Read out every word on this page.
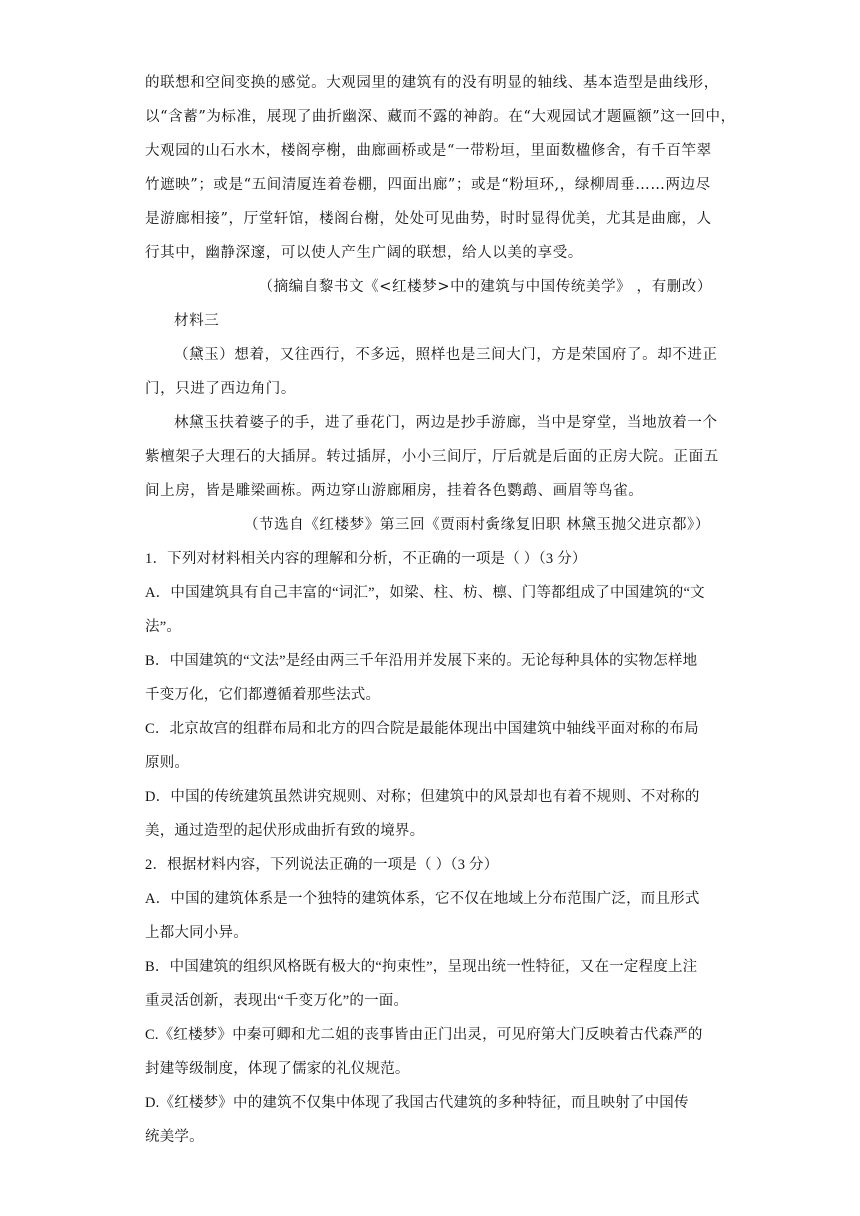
的联想和空间变换的感觉。大观园里的建筑有的没有明显的轴线、基本造型是曲线形，
以“含蓄”为标准，展现了曲折幽深、藏而不露的神韵。在“大观园试才题匾额”这一回中，
大观园的山石水木，楼阁亭榭，曲廊画桥或是“一带粉垣，里面数楹修舍，有千百竿翠
竹遮映”；或是“五间清厦连着卷棚，四面出廊”；或是“粉垣环,，绿柳周垂……两边尽
是游廊相接”，厅堂轩馆，楼阁台榭，处处可见曲势，时时显得优美，尤其是曲廊，人
行其中，幽静深邃，可以使人产生广阔的联想，给人以美的享受。
（摘编自黎书文《<红楼梦>中的建筑与中国传统美学》 ，有删改）
材料三
（黛玉）想着，又往西行，不多远，照样也是三间大门，方是荣国府了。却不进正
门，只进了西边角门。
林黛玉扶着婆子的手，进了垂花门，两边是抄手游廊，当中是穿堂，当地放着一个
紫檀架子大理石的大插屏。转过插屏，小小三间厅，厅后就是后面的正房大院。正面五
间上房，皆是雕梁画栋。两边穿山游廊厢房，挂着各色鹦鹉、画眉等鸟雀。
（节选自《红楼梦》第三回《贾雨村夤缘复旧职 林黛玉抛父进京都》）
1．下列对材料相关内容的理解和分析，不正确的一项是（ ）（3 分）
A．中国建筑具有自己丰富的“词汇”，如梁、柱、枋、檩、门等都组成了中国建筑的“文
法”。
B．中国建筑的“文法”是经由两三千年沿用并发展下来的。无论每种具体的实物怎样地
千变万化，它们都遵循着那些法式。
C．北京故宫的组群布局和北方的四合院是最能体现出中国建筑中轴线平面对称的布局
原则。
D．中国的传统建筑虽然讲究规则、对称；但建筑中的风景却也有着不规则、不对称的
美，通过造型的起伏形成曲折有致的境界。
2．根据材料内容，下列说法正确的一项是（ ）（3 分）
A．中国的建筑体系是一个独特的建筑体系，它不仅在地域上分布范围广泛，而且形式
上都大同小异。
B．中国建筑的组织风格既有极大的“拘束性”，呈现出统一性特征，又在一定程度上注
重灵活创新，表现出“千变万化”的一面。
C.《红楼梦》中秦可卿和尤二姐的丧事皆由正门出灵，可见府第大门反映着古代森严的
封建等级制度，体现了儒家的礼仪规范。
D.《红楼梦》中的建筑不仅集中体现了我国古代建筑的多种特征，而且映射了中国传
统美学。
